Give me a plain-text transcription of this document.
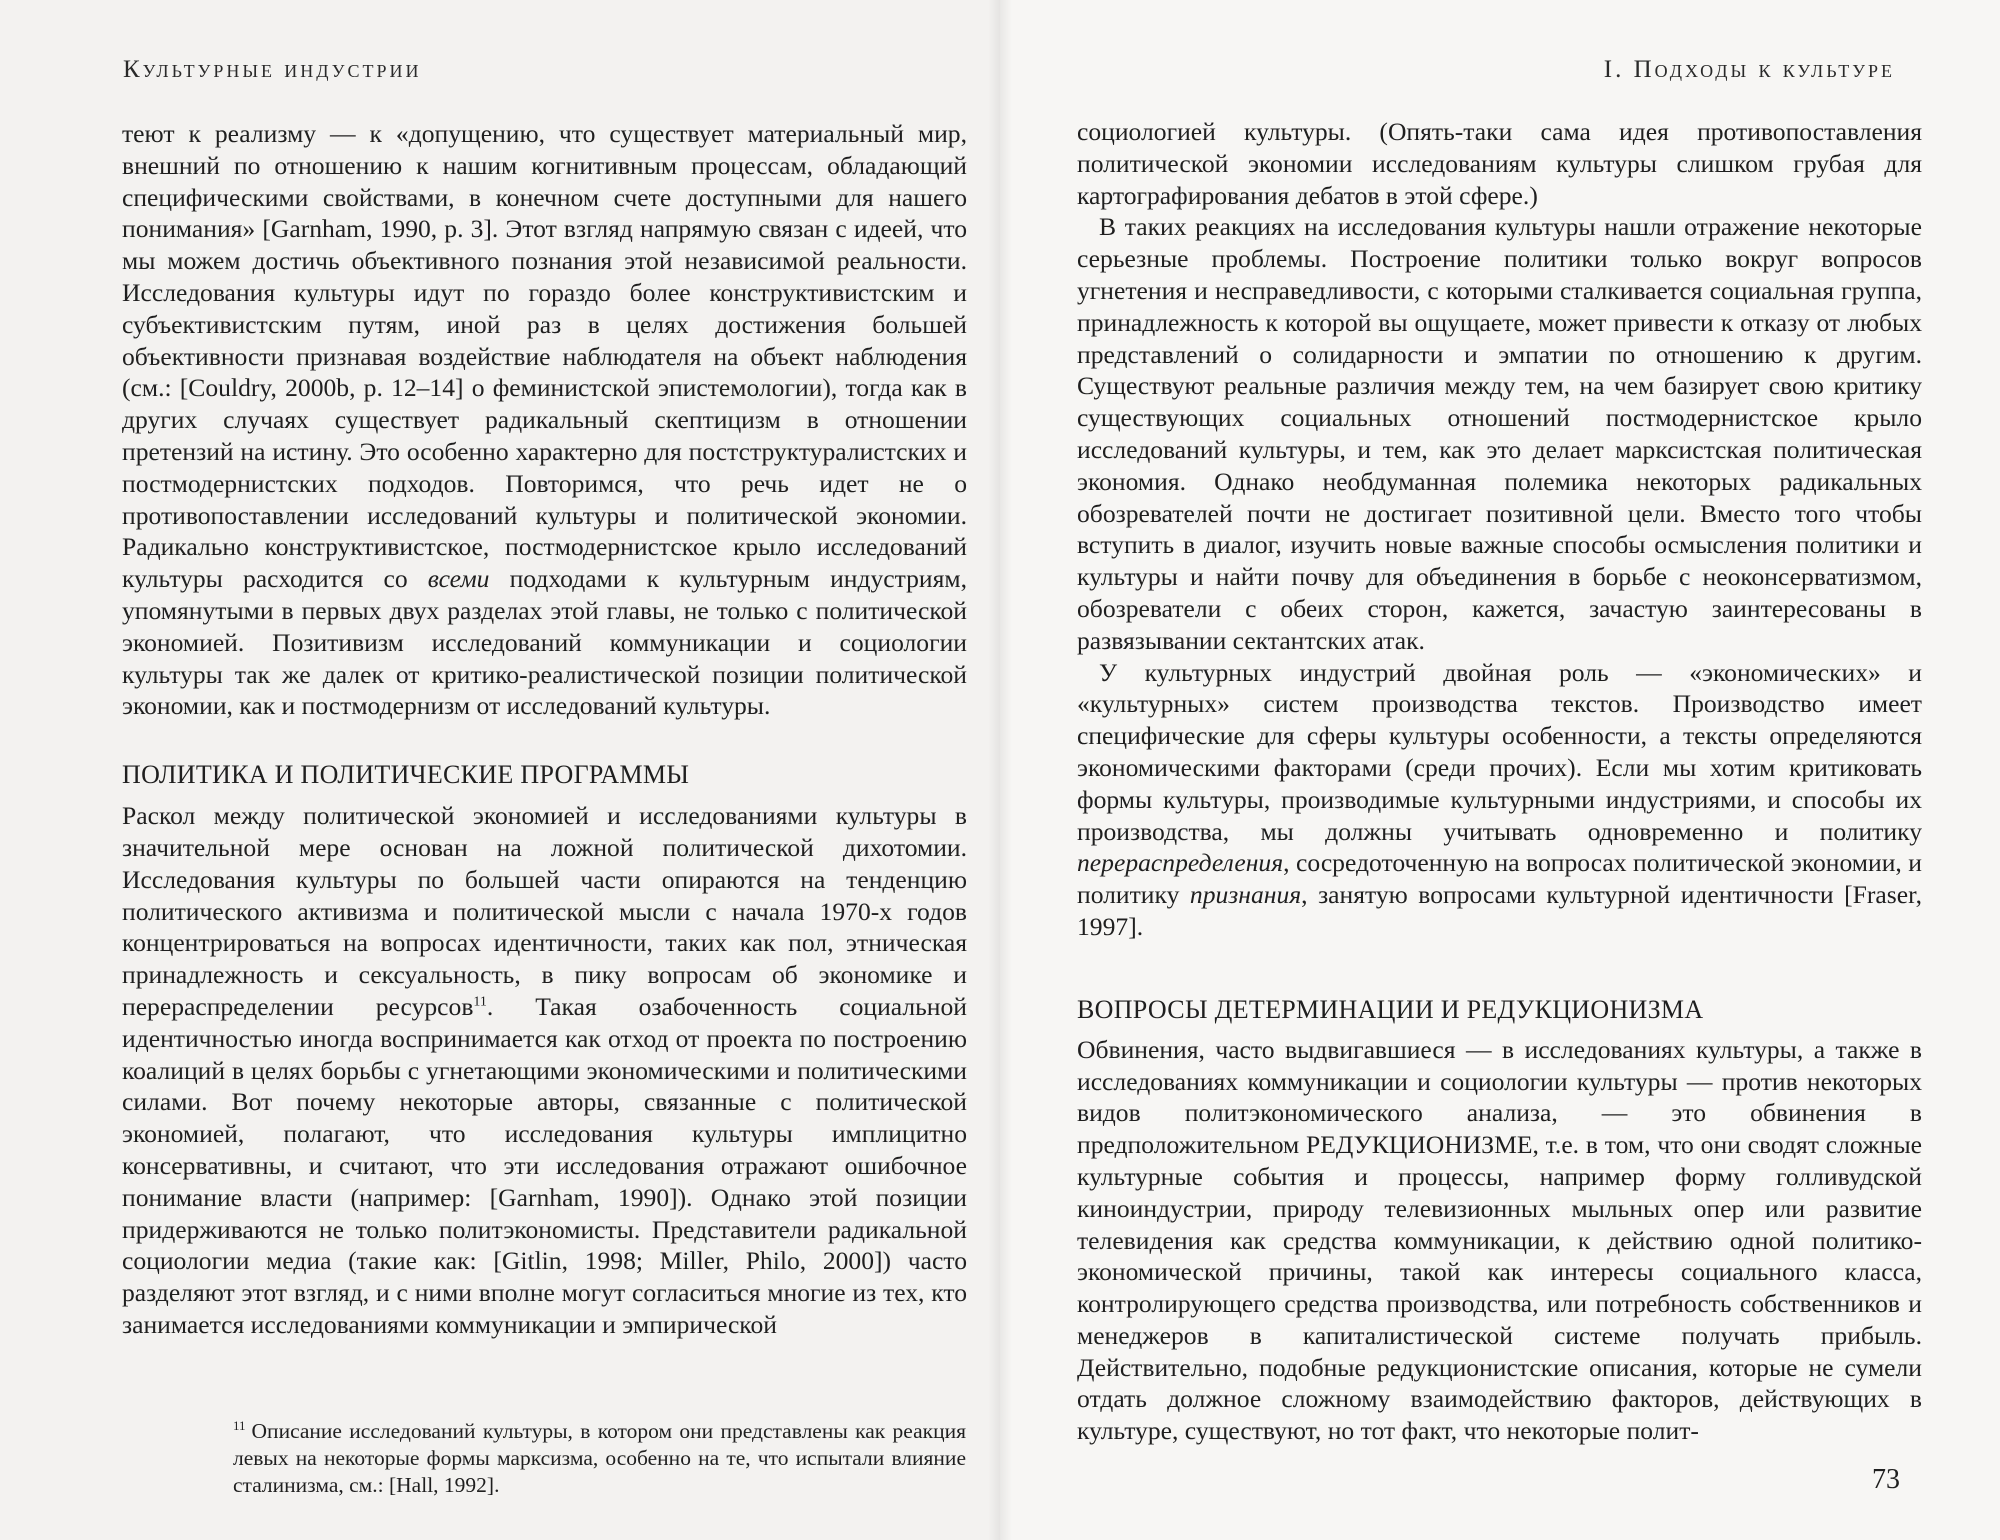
Культурные индустрии

теют к реализму — к «допущению, что существует материальный мир, внешний по отношению к нашим когнитивным процессам, обладающий специфическими свойствами, в конечном счете доступными для нашего понимания» [Garnham, 1990, p. 3]. Этот взгляд напрямую связан с идеей, что мы можем достичь объективного познания этой независимой реальности. Исследования культуры идут по гораздо более конструктивистским и субъективистским путям, иной раз в целях достижения большей объективности признавая воздействие наблюдателя на объект наблюдения (см.: [Couldry, 2000b, p. 12–14] о феминистской эпистемологии), тогда как в других случаях существует радикальный скептицизм в отношении претензий на истину. Это особенно характерно для постструктуралистских и постмодернистских подходов. Повторимся, что речь идет не о противопоставлении исследований культуры и политической экономии. Радикально конструктивистское, постмодернистское крыло исследований культуры расходится со всеми подходами к культурным индустриям, упомянутыми в первых двух разделах этой главы, не только с политической экономией. Позитивизм исследований коммуникации и социологии культуры так же далек от критико-реалистической позиции политической экономии, как и постмодернизм от исследований культуры.

ПОЛИТИКА И ПОЛИТИЧЕСКИЕ ПРОГРАММЫ

Раскол между политической экономией и исследованиями культуры в значительной мере основан на ложной политической дихотомии. Исследования культуры по большей части опираются на тенденцию политического активизма и политической мысли с начала 1970-х годов концентрироваться на вопросах идентичности, таких как пол, этническая принадлежность и сексуальность, в пику вопросам об экономике и перераспределении ресурсов$^{11}$. Такая озабоченность социальной идентичностью иногда воспринимается как отход от проекта по построению коалиций в целях борьбы с угнетающими экономическими и политическими силами. Вот почему некоторые авторы, связанные с политической экономией, полагают, что исследования культуры имплицитно консервативны, и считают, что эти исследования отражают ошибочное понимание власти (например: [Garnham, 1990]). Однако этой позиции придерживаются не только политэкономисты. Представители радикальной социологии медиа (такие как: [Gitlin, 1998; Miller, Philo, 2000]) часто разделяют этот взгляд, и с ними вполне могут согласиться многие из тех, кто занимается исследованиями коммуникации и эмпирической

$^{11}$ Описание исследований культуры, в котором они представлены как реакция левых на некоторые формы марксизма, особенно на те, что испытали влияние сталинизма, см.: [Hall, 1992].
I. Подходы к культуре

социологией культуры. (Опять-таки сама идея противопоставления политической экономии исследованиям культуры слишком грубая для картографирования дебатов в этой сфере.)

В таких реакциях на исследования культуры нашли отражение некоторые серьезные проблемы. Построение политики только вокруг вопросов угнетения и несправедливости, с которыми сталкивается социальная группа, принадлежность к которой вы ощущаете, может привести к отказу от любых представлений о солидарности и эмпатии по отношению к другим. Существуют реальные различия между тем, на чем базирует свою критику существующих социальных отношений постмодернистское крыло исследований культуры, и тем, как это делает марксистская политическая экономия. Однако необдуманная полемика некоторых радикальных обозревателей почти не достигает позитивной цели. Вместо того чтобы вступить в диалог, изучить новые важные способы осмысления политики и культуры и найти почву для объединения в борьбе с неоконсерватизмом, обозреватели с обеих сторон, кажется, зачастую заинтересованы в развязывании сектантских атак.

У культурных индустрий двойная роль — «экономических» и «культурных» систем производства текстов. Производство имеет специфические для сферы культуры особенности, а тексты определяются экономическими факторами (среди прочих). Если мы хотим критиковать формы культуры, производимые культурными индустриями, и способы их производства, мы должны учитывать одновременно и политику перераспределения, сосредоточенную на вопросах политической экономии, и политику признания, занятую вопросами культурной идентичности [Fraser, 1997].

ВОПРОСЫ ДЕТЕРМИНАЦИИ И РЕДУКЦИОНИЗМА

Обвинения, часто выдвигавшиеся — в исследованиях культуры, а также в исследованиях коммуникации и социологии культуры — против некоторых видов политэкономического анализа, — это обвинения в предположительном РЕДУКЦИОНИЗМЕ, т.е. в том, что они сводят сложные культурные события и процессы, например форму голливудской киноиндустрии, природу телевизионных мыльных опер или развитие телевидения как средства коммуникации, к действию одной политико-экономической причины, такой как интересы социального класса, контролирующего средства производства, или потребность собственников и менеджеров в капиталистической системе получать прибыль. Действительно, подобные редукционистские описания, которые не сумели отдать должное сложному взаимодействию факторов, действующих в культуре, существуют, но тот факт, что некоторые полит-

73
